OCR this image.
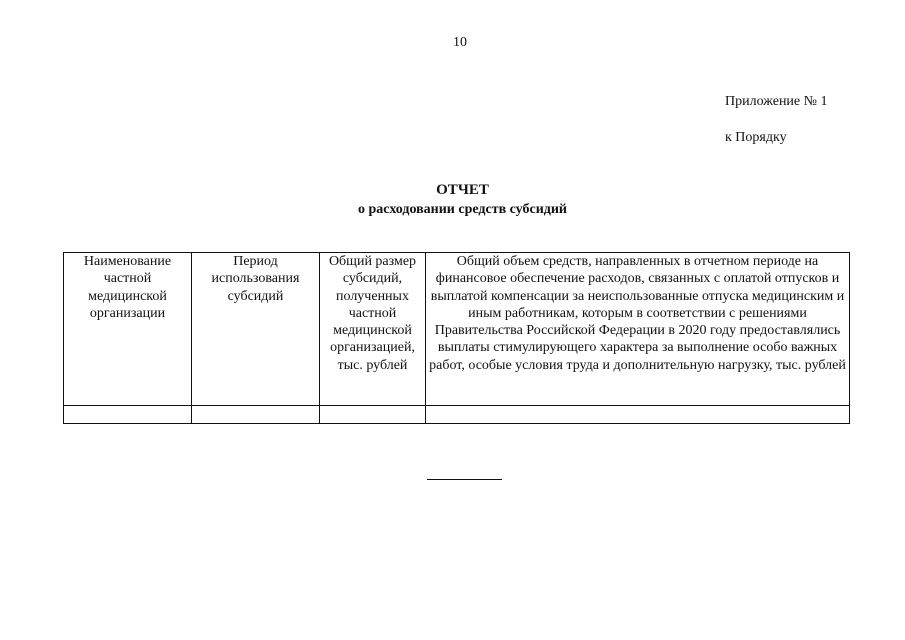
10
Приложение № 1
к Порядку
ОТЧЕТ
о расходовании средств субсидий
Наименование частной медицинской организации	Период использования субсидий	Общий размер субсидий, полученных частной медицинской организацией, тыс. рублей	Общий объем средств, направленных в отчетном периоде на финансовое обеспечение расходов, связанных с оплатой отпусков и выплатой компенсации за неиспользованные отпуска медицинским и иным работникам, которым в соответствии с решениями Правительства Российской Федерации в 2020 году предоставлялись выплаты стимулирующего характера за выполнение особо важных работ, особые условия труда и дополнительную нагрузку, тыс. рублей
